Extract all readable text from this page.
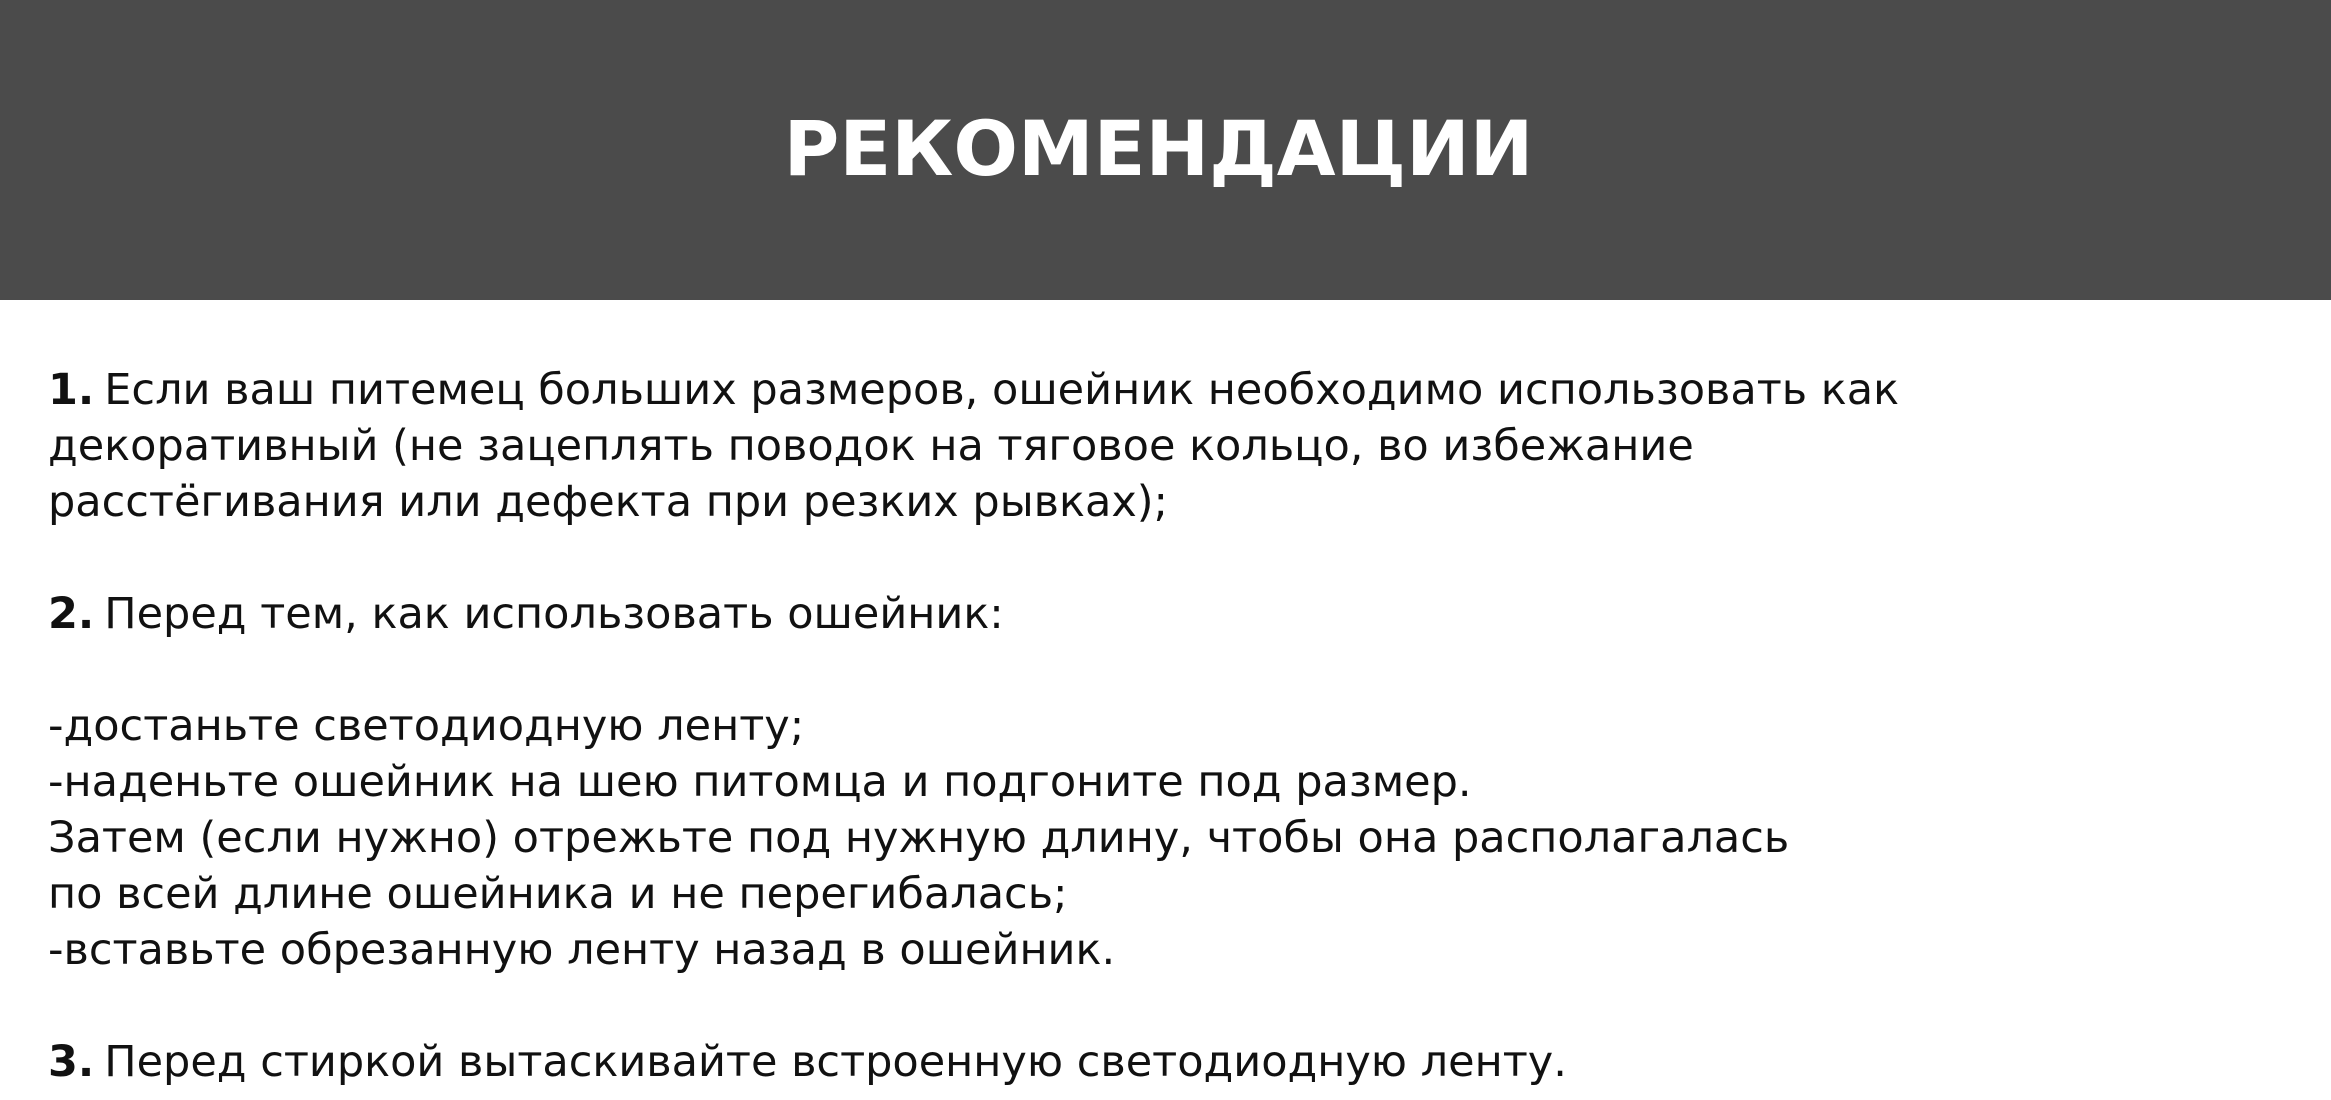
РЕКОМЕНДАЦИИ
1. Если ваш питемец больших размеров, ошейник необходимо использовать как
декоративный (не зацеплять поводок на тяговое кольцо, во избежание
расстёгивания или дефекта при резких рывках);
2. Перед тем, как использовать ошейник:
-достаньте светодиодную ленту;
-наденьте ошейник на шею питомца и подгоните под размер.
Затем (если нужно) отрежьте под нужную длину, чтобы она располагалась
по всей длине ошейника и не перегибалась;
-вставьте обрезанную ленту назад в ошейник.
3. Перед стиркой вытаскивайте встроенную светодиодную ленту.
